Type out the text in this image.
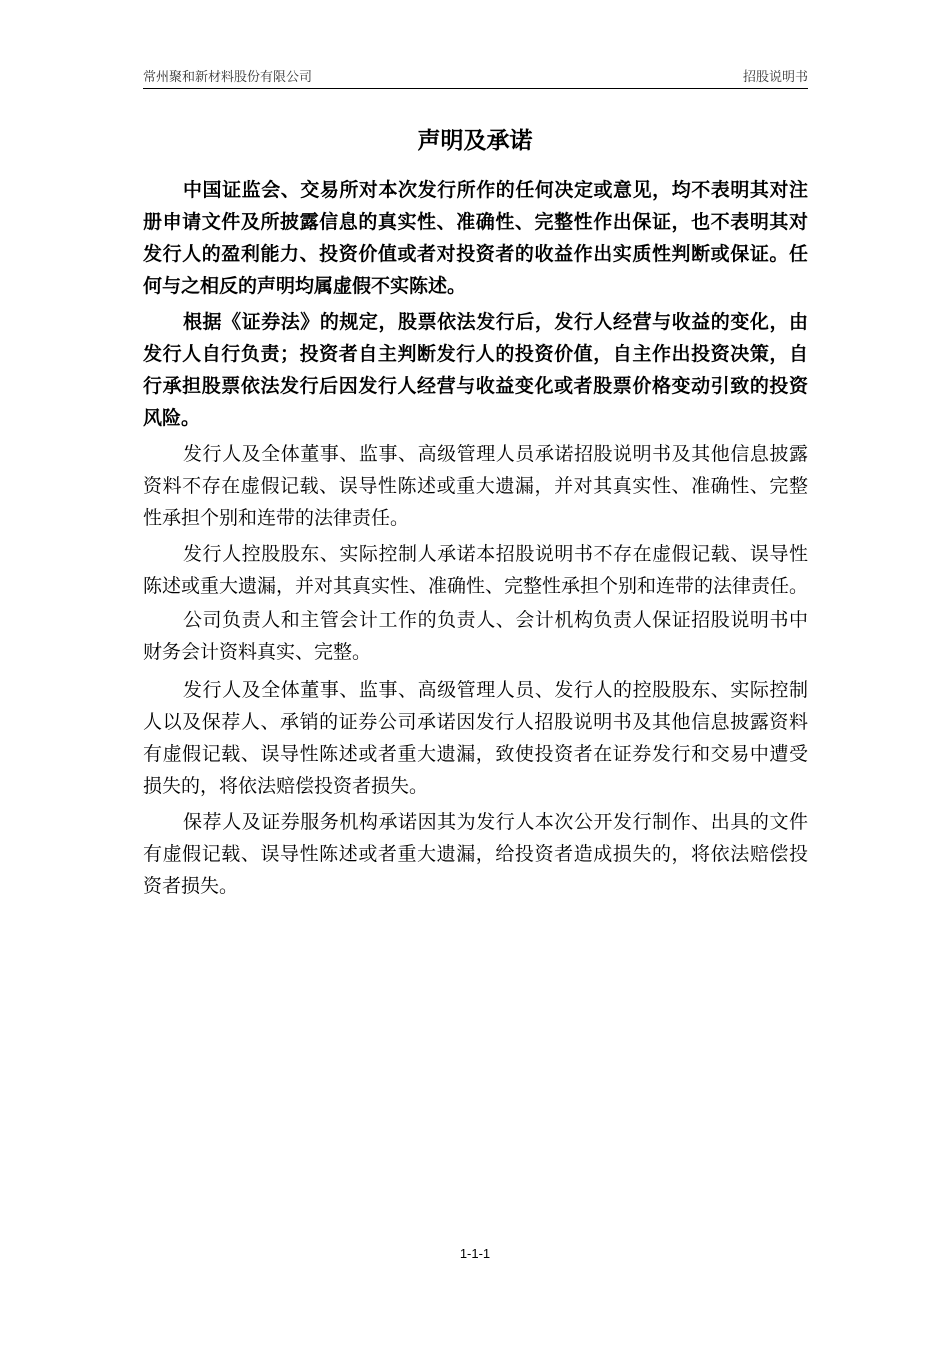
常州聚和新材料股份有限公司	招股说明书
声明及承诺
中国证监会、交易所对本次发行所作的任何决定或意见，均不表明其对注
册申请文件及所披露信息的真实性、准确性、完整性作出保证，也不表明其对
发行人的盈利能力、投资价值或者对投资者的收益作出实质性判断或保证。任
何与之相反的声明均属虚假不实陈述。
根据《证券法》的规定，股票依法发行后，发行人经营与收益的变化，由
发行人自行负责；投资者自主判断发行人的投资价值，自主作出投资决策，自
行承担股票依法发行后因发行人经营与收益变化或者股票价格变动引致的投资
风险。
发行人及全体董事、监事、高级管理人员承诺招股说明书及其他信息披露
资料不存在虚假记载、误导性陈述或重大遗漏，并对其真实性、准确性、完整
性承担个别和连带的法律责任。
发行人控股股东、实际控制人承诺本招股说明书不存在虚假记载、误导性
陈述或重大遗漏，并对其真实性、准确性、完整性承担个别和连带的法律责任。
公司负责人和主管会计工作的负责人、会计机构负责人保证招股说明书中
财务会计资料真实、完整。
发行人及全体董事、监事、高级管理人员、发行人的控股股东、实际控制
人以及保荐人、承销的证券公司承诺因发行人招股说明书及其他信息披露资料
有虚假记载、误导性陈述或者重大遗漏，致使投资者在证券发行和交易中遭受
损失的，将依法赔偿投资者损失。
保荐人及证券服务机构承诺因其为发行人本次公开发行制作、出具的文件
有虚假记载、误导性陈述或者重大遗漏，给投资者造成损失的，将依法赔偿投
资者损失。
1-1-1
